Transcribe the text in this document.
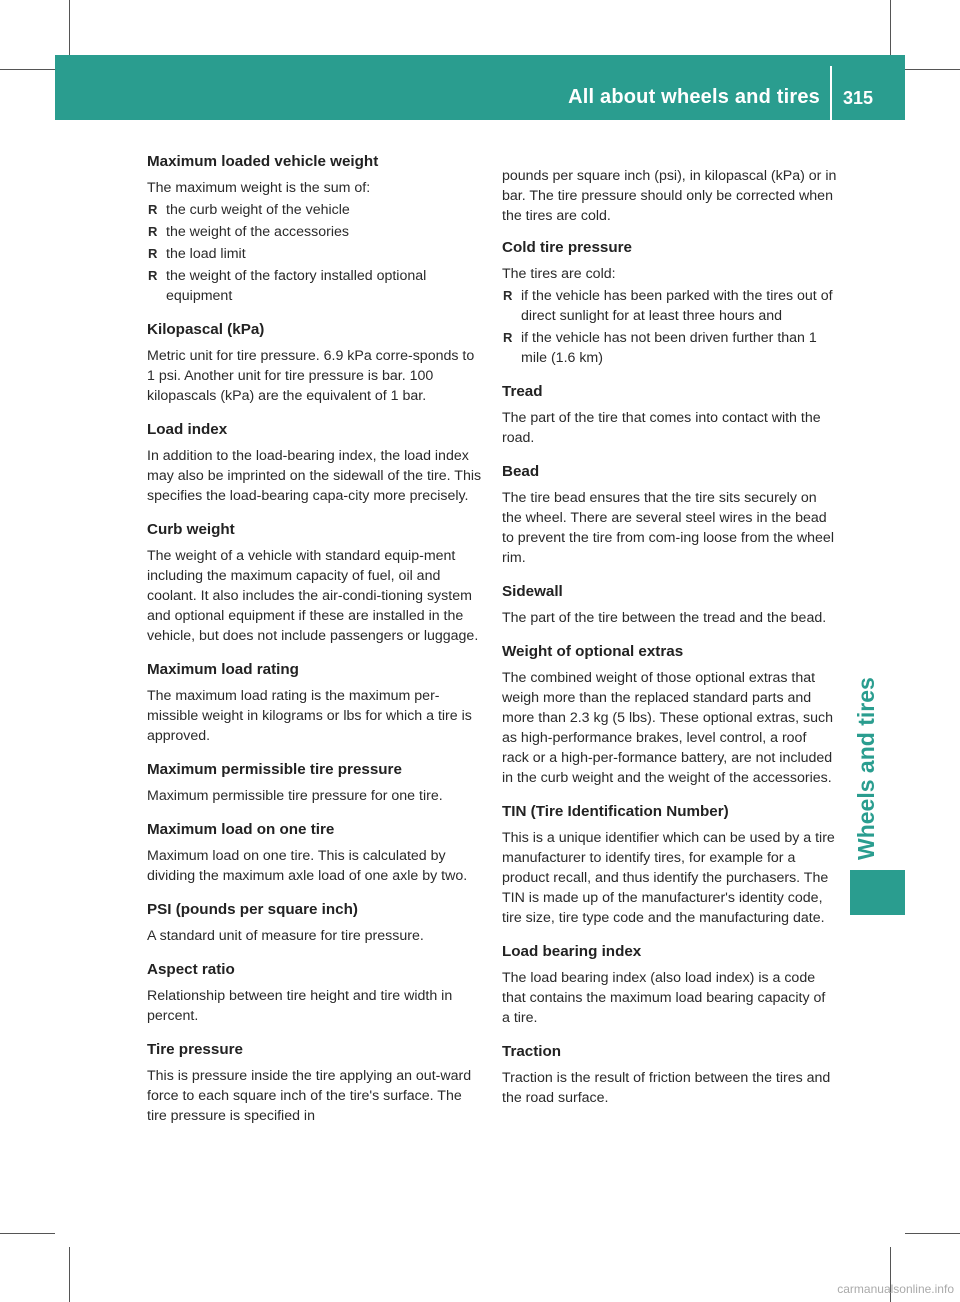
All about wheels and tires 315
Wheels and tires
Maximum loaded vehicle weight

The maximum weight is the sum of:

R the curb weight of the vehicle
R the weight of the accessories
R the load limit
R the weight of the factory installed optional equipment
Kilopascal (kPa)

Metric unit for tire pressure. 6.9 kPa corre-sponds to 1 psi. Another unit for tire pressure is bar. 100 kilopascals (kPa) are the equivalent of 1 bar.

Load index

In addition to the load-bearing index, the load index may also be imprinted on the sidewall of the tire. This specifies the load-bearing capa-city more precisely.

Curb weight

The weight of a vehicle with standard equip-ment including the maximum capacity of fuel, oil and coolant. It also includes the air-condi-tioning system and optional equipment if these are installed in the vehicle, but does not include passengers or luggage.

Maximum load rating

The maximum load rating is the maximum per-missible weight in kilograms or lbs for which a tire is approved.

Maximum permissible tire pressure

Maximum permissible tire pressure for one tire.

Maximum load on one tire

Maximum load on one tire. This is calculated by dividing the maximum axle load of one axle by two.

PSI (pounds per square inch)

A standard unit of measure for tire pressure.

Aspect ratio

Relationship between tire height and tire width in percent.

Tire pressure

This is pressure inside the tire applying an out-ward force to each square inch of the tire's surface. The tire pressure is specified in

pounds per square inch (psi), in kilopascal (kPa) or in bar. The tire pressure should only be corrected when the tires are cold.

Cold tire pressure

The tires are cold:

R if the vehicle has been parked with the tires out of direct sunlight for at least three hours and
R if the vehicle has not been driven further than 1 mile (1.6 km)
Tread

The part of the tire that comes into contact with the road.

Bead

The tire bead ensures that the tire sits securely on the wheel. There are several steel wires in the bead to prevent the tire from com-ing loose from the wheel rim.

Sidewall

The part of the tire between the tread and the bead.

Weight of optional extras

The combined weight of those optional extras that weigh more than the replaced standard parts and more than 2.3 kg (5 lbs). These optional extras, such as high-performance brakes, level control, a roof rack or a high-per-formance battery, are not included in the curb weight and the weight of the accessories.

TIN (Tire Identification Number)

This is a unique identifier which can be used by a tire manufacturer to identify tires, for example for a product recall, and thus identify the purchasers. The TIN is made up of the manufacturer's identity code, tire size, tire type code and the manufacturing date.

Load bearing index

The load bearing index (also load index) is a code that contains the maximum load bearing capacity of a tire.

Traction

Traction is the result of friction between the tires and the road surface.

carmanualsonline.info
